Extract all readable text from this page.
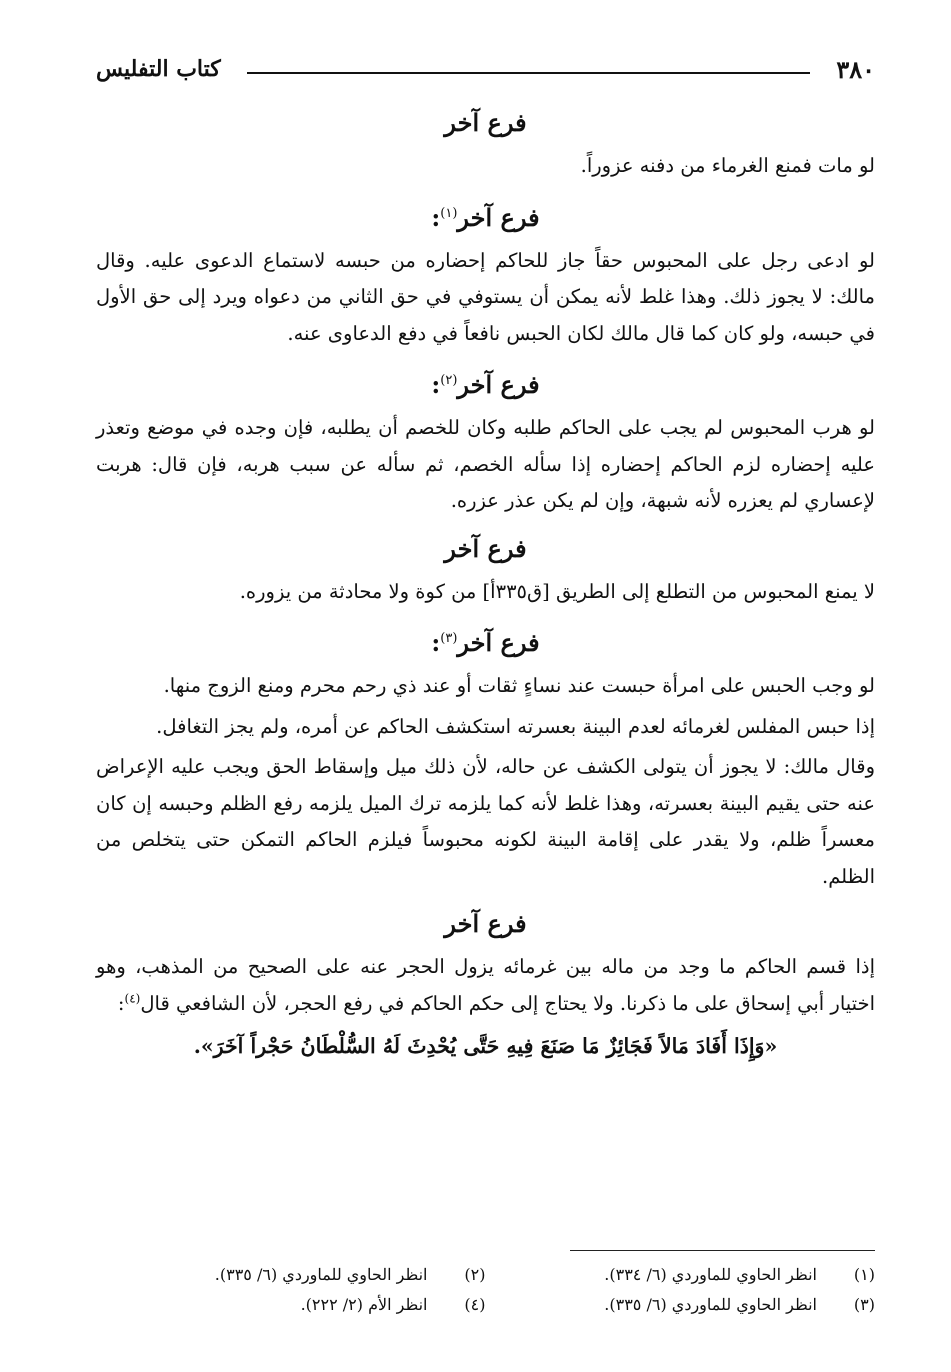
٣٨٠
كتاب التفليس
فرع آخر

لو مات فمنع الغرماء من دفنه عزوراً.

فرع آخر$^{(١)}$:

لو ادعى رجل على المحبوس حقاً جاز للحاكم إحضاره من حبسه لاستماع الدعوى عليه. وقال مالك: لا يجوز ذلك. وهذا غلط لأنه يمكن أن يستوفي في حق الثاني من دعواه ويرد إلى حق الأول في حبسه، ولو كان كما قال مالك لكان الحبس نافعاً في دفع الدعاوى عنه.

فرع آخر$^{(٢)}$:

لو هرب المحبوس لم يجب على الحاكم طلبه وكان للخصم أن يطلبه، فإن وجده في موضع وتعذر عليه إحضاره لزم الحاكم إحضاره إذا سأله الخصم، ثم سأله عن سبب هربه، فإن قال: هربت لإعساري لم يعزره لأنه شبهة، وإن لم يكن عذر عزره.

فرع آخر

لا يمنع المحبوس من التطلع إلى الطريق [ق٣٣٥أ] من كوة ولا محادثة من يزوره.

فرع آخر$^{(٣)}$:

لو وجب الحبس على امرأة حبست عند نساءٍ ثقات أو عند ذي رحم محرم ومنع الزوج منها.

إذا حبس المفلس لغرمائه لعدم البينة بعسرته استكشف الحاكم عن أمره، ولم يجز التغافل.

وقال مالك: لا يجوز أن يتولى الكشف عن حاله، لأن ذلك ميل وإسقاط الحق ويجب عليه الإعراض عنه حتى يقيم البينة بعسرته، وهذا غلط لأنه كما يلزمه ترك الميل يلزمه رفع الظلم وحبسه إن كان معسراً ظلم، ولا يقدر على إقامة البينة لكونه محبوساً فيلزم الحاكم التمكن حتى يتخلص من الظلم.

فرع آخر

إذا قسم الحاكم ما وجد من ماله بين غرمائه يزول الحجر عنه على الصحيح من المذهب، وهو اختيار أبي إسحاق على ما ذكرنا. ولا يحتاج إلى حكم الحاكم في رفع الحجر، لأن الشافعي قال$^{(٤)}$:

«وَإِذَا أَفَادَ مَالاً فَجَائِزٌ مَا صَنَعَ فِيهِ حَتَّى يُحْدِثَ لَهُ السُّلْطَانُ حَجْراً آخَرَ».

(١)
انظر الحاوي للماوردي (٦/ ٣٣٤).
(٢)
انظر الحاوي للماوردي (٦/ ٣٣٥).
(٣)
انظر الحاوي للماوردي (٦/ ٣٣٥).
(٤)
انظر الأم (٢/ ٢٢٢).
